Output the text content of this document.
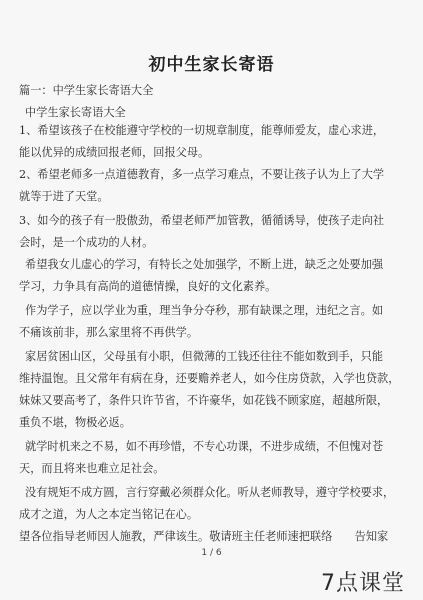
初中生家长寄语
篇一：中学生家长寄语大全
中学生家长寄语大全
1、希望该孩子在校能遵守学校的一切规章制度，能尊师爱友，虚心求进，
能以优异的成绩回报老师，回报父母。
2、希望老师多一点道德教育，多一点学习难点，不要让孩子认为上了大学
就等于进了天堂。
3、如今的孩子有一股傲劲，希望老师严加管教，循循诱导，使孩子走向社
会时，是一个成功的人材。
希望我女儿虚心的学习，有特长之处加强学，不断上进，缺乏之处要加强
学习，力争具有高尚的道德情操，良好的文化素养。
作为学子，应以学业为重，理当争分夺秒，那有缺课之理，违纪之言。如
不痛该前非，那么家里将不再供学。
家居贫困山区，父母虽有小职，但微薄的工钱还往往不能如数到手，只能
维持温饱。且父常年有病在身，还要赡养老人，如今住房贷款，入学也贷款，
妹妹又要高考了，条件只许节省，不许豪华，如花钱不顾家庭，超越所限，
重负不堪，物极必返。
就学时机来之不易，如不再珍惜，不专心功课，不进步成绩，不但愧对苍
天，而且将来也难立足社会。
没有规矩不成方圆，言行穿戴必须群众化。听从老师教导，遵守学校要求，
成才之道，为人之本定当铭记在心。
望各位指导老师因人施教，严律该生。敬请班主任老师速把联络　　告知家
1 / 6
7点课堂
